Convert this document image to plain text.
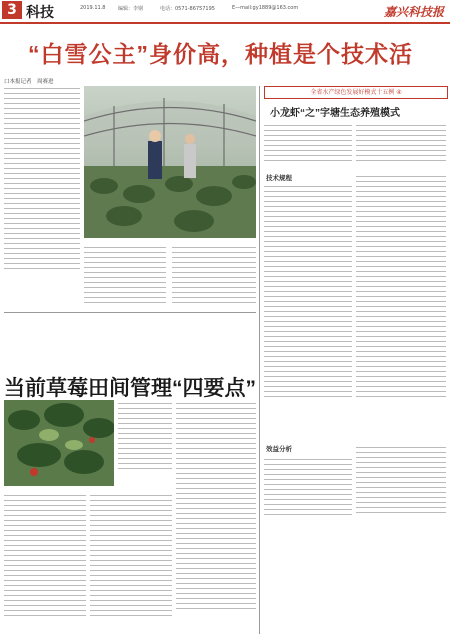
3 科技	2019.11.8	编辑：李钢	电话：0571-86757195	E—mail:gy1889@163.com	嘉兴科技报
“白雪公主”身价高，种植是个技术活
口本报记者　周赛进
全省水产绿色发展好模式十五例 ④
小龙虾“之”字塘生态养殖模式
技术规程
效益分析
当前草莓田间管理“四要点”
